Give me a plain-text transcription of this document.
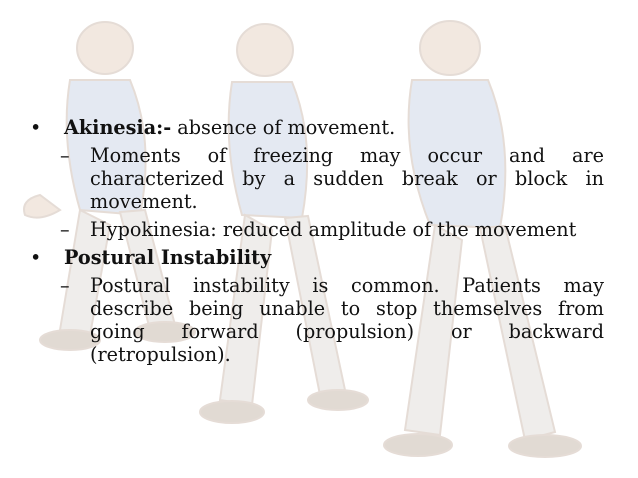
•	Akinesia:- absence of movement.
– Moments of freezing may occur and are characterized by a sudden break or block in movement.
– Hypokinesia: reduced amplitude of the movement
•	Postural Instability
– Postural instability is common. Patients may describe being unable to stop themselves from going forward (propulsion) or backward (retropulsion).
